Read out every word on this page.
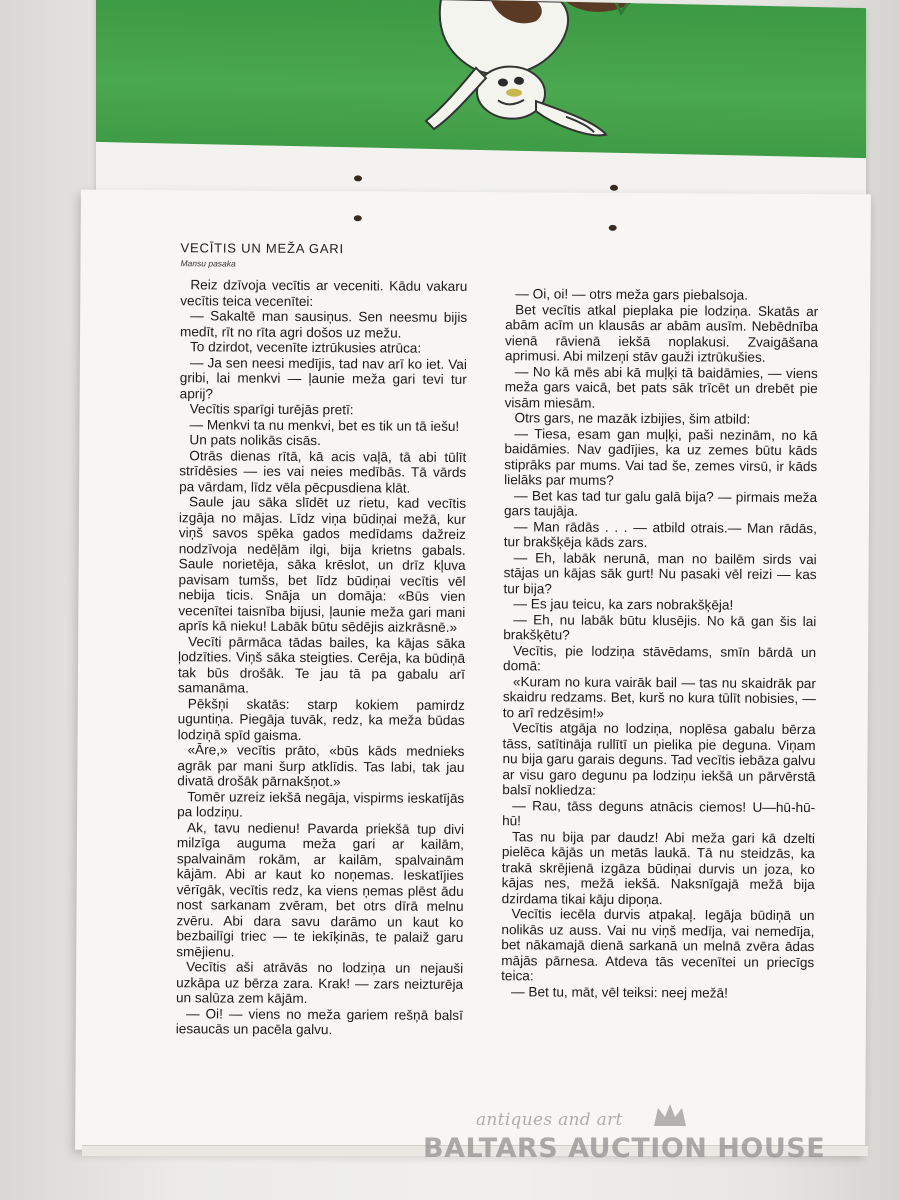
VECĪTIS UN MEŽA GARI
Mansu pasaka

Reiz dzīvoja vecītis ar veceniti. Kādu vakaru vecītis teica vecenītei:

— Sakaltē man sausiņus. Sen neesmu bijis medīt, rīt no rīta agri došos uz mežu.

To dzirdot, vecenīte iztrūkusies atrūca:

— Ja sen neesi medījis, tad nav arī ko iet. Vai gribi, lai menkvi — ļaunie meža gari tevi tur aprij?

Vecītis sparīgi turējās pretī:

— Menkvi ta nu menkvi, bet es tik un tā iešu!

Un pats nolikās cisās.

Otrās dienas rītā, kā acis vaļā, tā abi tūlīt strīdēsies — ies vai neies medībās. Tā vārds pa vārdam, līdz vēla pēcpusdiena klāt.

Saule jau sāka slīdēt uz rietu, kad vecītis izgāja no mājas. Līdz viņa būdiņai mežā, kur viņš savos spēka gados medīdams dažreiz nodzīvoja nedēļām ilgi, bija krietns gabals. Saule norietēja, sāka krēslot, un drīz kļuva pavisam tumšs, bet līdz būdiņai vecītis vēl nebija ticis. Snāja un domāja: «Būs vien vecenītei taisnība bijusi, ļaunie meža gari mani aprīs kā nieku! Labāk būtu sēdējis aizkrāsnē.»

Vecīti pārmāca tādas bailes, ka kājas sāka ļodzīties. Viņš sāka steigties. Cerēja, ka būdiņā tak būs drošāk. Te jau tā pa gabalu arī samanāma.

Pēkšņi skatās: starp kokiem pamirdz uguntiņa. Piegāja tuvāk, redz, ka meža būdas lodziņā spīd gaisma.

«Āre,» vecītis prāto, «būs kāds mednieks agrāk par mani šurp atklīdis. Tas labi, tak jau divatā drošāk pārnakšņot.»

Tomēr uzreiz iekšā negāja, vispirms ieskatījās pa lodziņu.

Ak, tavu nedienu! Pavarda priekšā tup divi milzīga auguma meža gari ar kailām, spalvainām rokām, ar kailām, spalvainām kājām. Abi ar kaut ko noņemas. Ieskatījies vērīgāk, vecītis redz, ka viens ņemas plēst ādu nost sarkanam zvēram, bet otrs dīrā melnu zvēru. Abi dara savu darāmo un kaut ko bezbailīgi triec — te iekīķinās, te palaiž garu smējienu.

Vecītis aši atrāvās no lodziņa un nejauši uzkāpa uz bērza zara. Krak! — zars neizturēja un salūza zem kājām.

— Oi! — viens no meža gariem rešņā balsī iesaucās un pacēla galvu.

— Oi, oi! — otrs meža gars piebalsoja.

Bet vecītis atkal pieplaka pie lodziņa. Skatās ar abām acīm un klausās ar abām ausīm. Nebēdnība vienā rāvienā iekšā noplakusi. Zvaigāšana aprimusi. Abi milzeņi stāv gauži iztrūkušies.

— No kā mēs abi kā muļķi tā baidāmies, — viens meža gars vaicā, bet pats sāk trīcēt un drebēt pie visām miesām.

Otrs gars, ne mazāk izbijies, šim atbild:

— Tiesa, esam gan muļķi, paši nezinām, no kā baidāmies. Nav gadījies, ka uz zemes būtu kāds stiprāks par mums. Vai tad še, zemes virsū, ir kāds lielāks par mums?

— Bet kas tad tur galu galā bija? — pirmais meža gars taujāja.

— Man rādās . . . — atbild otrais.— Man rādās, tur brakšķēja kāds zars.

— Eh, labāk nerunā, man no bailēm sirds vai stājas un kājas sāk gurt! Nu pasaki vēl reizi — kas tur bija?

— Es jau teicu, ka zars nobrakšķēja!

— Eh, nu labāk būtu klusējis. No kā gan šis lai brakšķētu?

Vecītis, pie lodziņa stāvēdams, smīn bārdā un domā:

«Kuram no kura vairāk bail — tas nu skaidrāk par skaidru redzams. Bet, kurš no kura tūlīt nobisies, — to arī redzēsim!»

Vecītis atgāja no lodziņa, noplēsa gabalu bērza tāss, satītināja rullītī un pielika pie deguna. Viņam nu bija garu garais deguns. Tad vecītis iebāza galvu ar visu garo degunu pa lodziņu iekšā un pārvērstā balsī nokliedza:

— Rau, tāss deguns atnācis ciemos! U—hū-hū-hū!

Tas nu bija par daudz! Abi meža gari kā dzelti pielēca kājās un metās laukā. Tā nu steidzās, ka trakā skrējienā izgāza būdiņai durvis un joza, ko kājas nes, mežā iekšā. Naksnīgajā mežā bija dzirdama tikai kāju dipoņa.

Vecītis iecēla durvis atpakaļ. Iegāja būdiņā un nolikās uz auss. Vai nu viņš medīja, vai nemedīja, bet nākamajā dienā sarkanā un melnā zvēra ādas mājās pārnesa. Atdeva tās vecenītei un priecīgs teica:

— Bet tu, māt, vēl teiksi: neej mežā!

antiques and art
BALTARS AUCTION HOUSE
